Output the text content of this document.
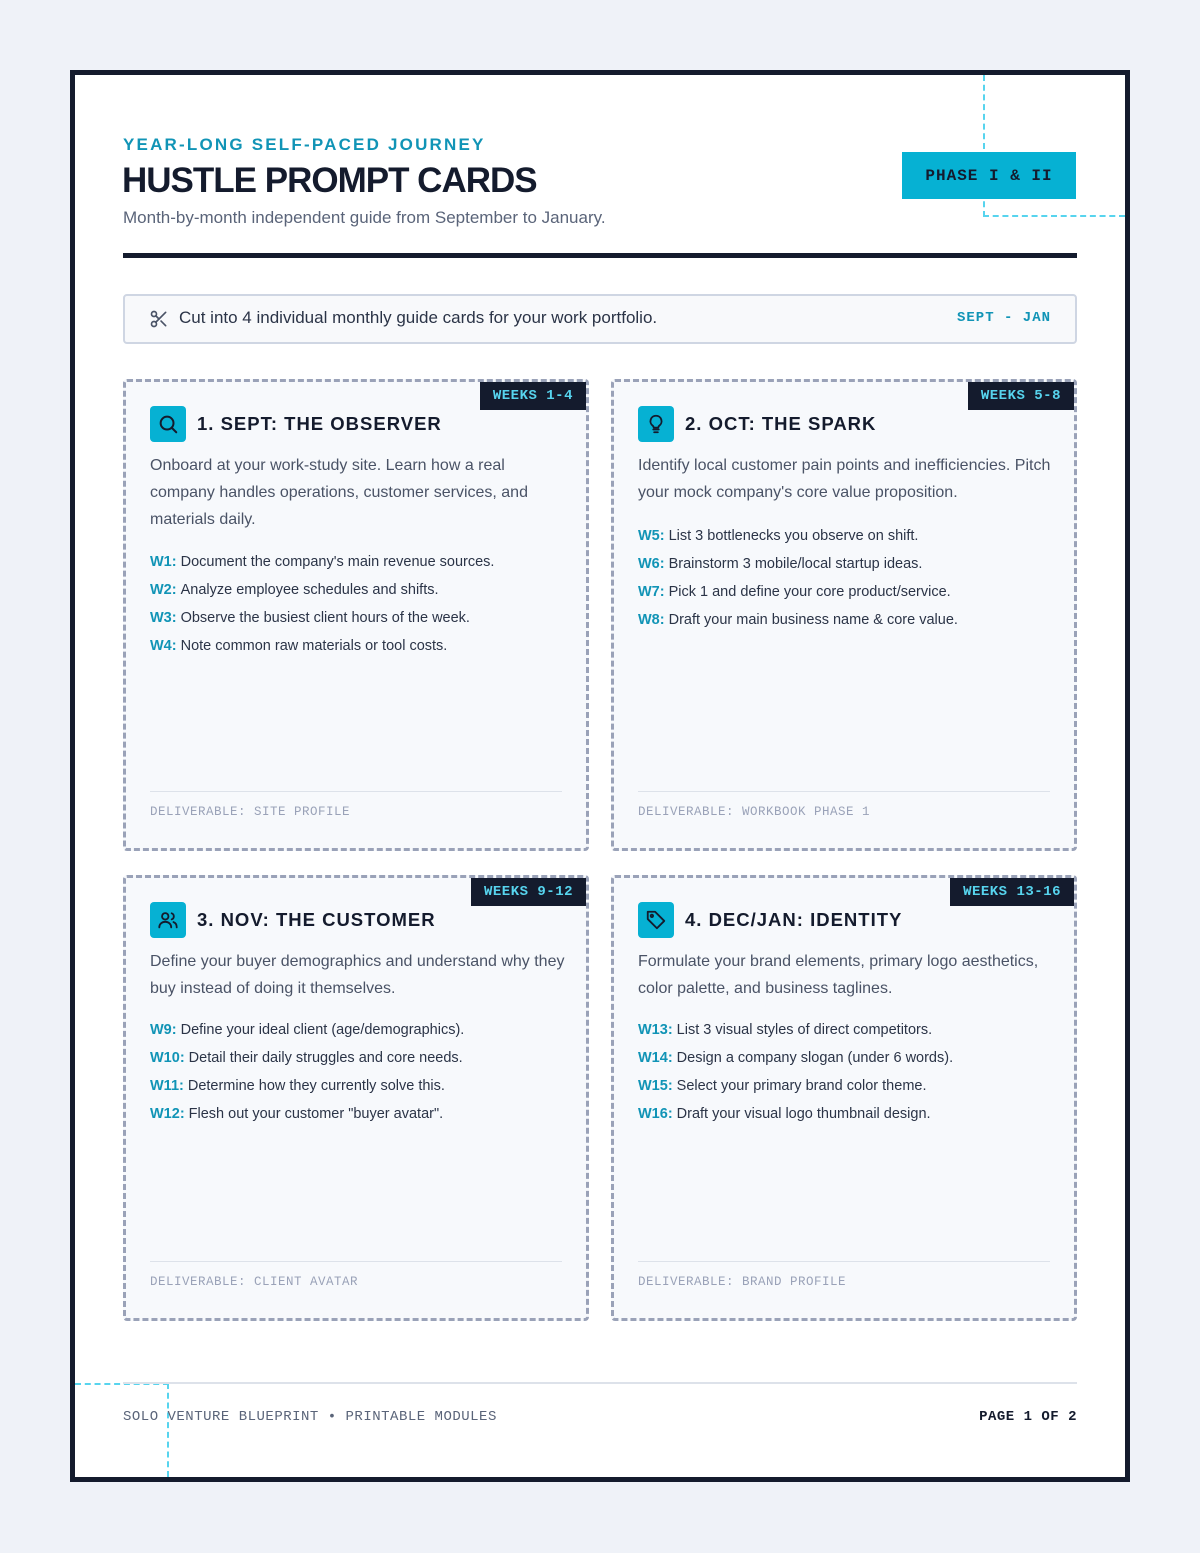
YEAR-LONG SELF-PACED JOURNEY
HUSTLE PROMPT CARDS
Month-by-month independent guide from September to January.
PHASE I & II
Cut into 4 individual monthly guide cards for your work portfolio.	SEPT - JAN
WEEKS 1-4
1. SEPT: THE OBSERVER
Onboard at your work-study site. Learn how a real company handles operations, customer services, and materials daily.
W1: Document the company's main revenue sources.
W2: Analyze employee schedules and shifts.
W3: Observe the busiest client hours of the week.
W4: Note common raw materials or tool costs.
DELIVERABLE: SITE PROFILE
WEEKS 5-8
2. OCT: THE SPARK
Identify local customer pain points and inefficiencies. Pitch your mock company's core value proposition.
W5: List 3 bottlenecks you observe on shift.
W6: Brainstorm 3 mobile/local startup ideas.
W7: Pick 1 and define your core product/service.
W8: Draft your main business name & core value.
DELIVERABLE: WORKBOOK PHASE 1
WEEKS 9-12
3. NOV: THE CUSTOMER
Define your buyer demographics and understand why they buy instead of doing it themselves.
W9: Define your ideal client (age/demographics).
W10: Detail their daily struggles and core needs.
W11: Determine how they currently solve this.
W12: Flesh out your customer "buyer avatar".
DELIVERABLE: CLIENT AVATAR
WEEKS 13-16
4. DEC/JAN: IDENTITY
Formulate your brand elements, primary logo aesthetics, color palette, and business taglines.
W13: List 3 visual styles of direct competitors.
W14: Design a company slogan (under 6 words).
W15: Select your primary brand color theme.
W16: Draft your visual logo thumbnail design.
DELIVERABLE: BRAND PROFILE
SOLO VENTURE BLUEPRINT • PRINTABLE MODULES	PAGE 1 OF 2
